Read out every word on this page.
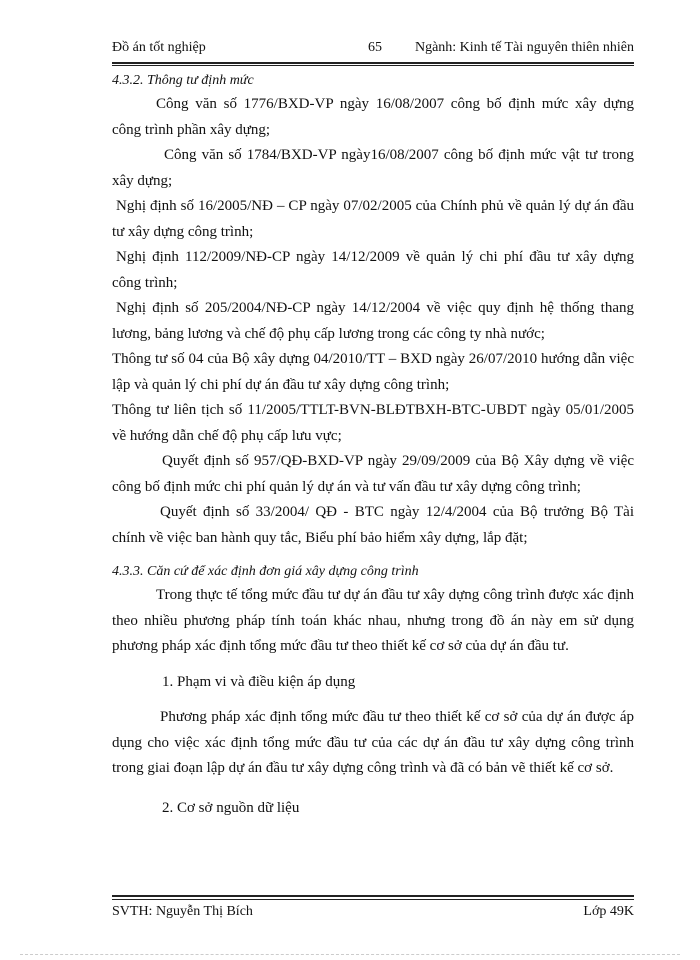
Đồ án tốt nghiệp	65 Ngành: Kinh tế Tài nguyên thiên nhiên

4.3.2. Thông tư định mức

Công văn số 1776/BXD-VP ngày 16/08/2007 công bố định mức xây dựng công trình phần xây dựng;

Công văn số 1784/BXD-VP ngày16/08/2007 công bố định mức vật tư trong xây dựng;

Nghị định số 16/2005/NĐ – CP ngày 07/02/2005 của Chính phủ về quản lý dự án đầu tư xây dựng công trình;

Nghị định 112/2009/NĐ-CP ngày 14/12/2009 về quản lý chi phí đầu tư xây dựng công trình;

Nghị định số 205/2004/NĐ-CP ngày 14/12/2004 về việc quy định hệ thống thang lương, bảng lương và chế độ phụ cấp lương trong các công ty nhà nước;

Thông tư số 04 của Bộ xây dựng 04/2010/TT – BXD ngày 26/07/2010 hướng dẫn việc lập và quản lý chi phí dự án đầu tư xây dựng công trình;

Thông tư liên tịch số 11/2005/TTLT-BVN-BLĐTBXH-BTC-UBDT ngày 05/01/2005 về hướng dẫn chế độ phụ cấp lưu vực;

Quyết định số 957/QĐ-BXD-VP ngày 29/09/2009 của Bộ Xây dựng về việc công bố định mức chi phí quản lý dự án và tư vấn đầu tư xây dựng công trình;

Quyết định số 33/2004/ QĐ - BTC ngày 12/4/2004 của Bộ trưởng Bộ Tài chính về việc ban hành quy tắc, Biểu phí bảo hiểm xây dựng, lắp đặt;

4.3.3. Căn cứ để xác định đơn giá xây dựng công trình

Trong thực tế tổng mức đầu tư dự án đầu tư xây dựng công trình được xác định theo nhiều phương pháp tính toán khác nhau, nhưng trong đồ án này em sử dụng phương pháp xác định tổng mức đầu tư theo thiết kế cơ sở của dự án đầu tư.

1. Phạm vi và điều kiện áp dụng

Phương pháp xác định tổng mức đầu tư theo thiết kế cơ sở của dự án được áp dụng cho việc xác định tổng mức đầu tư của các dự án đầu tư xây dựng công trình trong giai đoạn lập dự án đầu tư xây dựng công trình và đã có bản vẽ thiết kế cơ sở.

2. Cơ sở nguồn dữ liệu

SVTH: Nguyễn Thị Bích	Lớp 49K
